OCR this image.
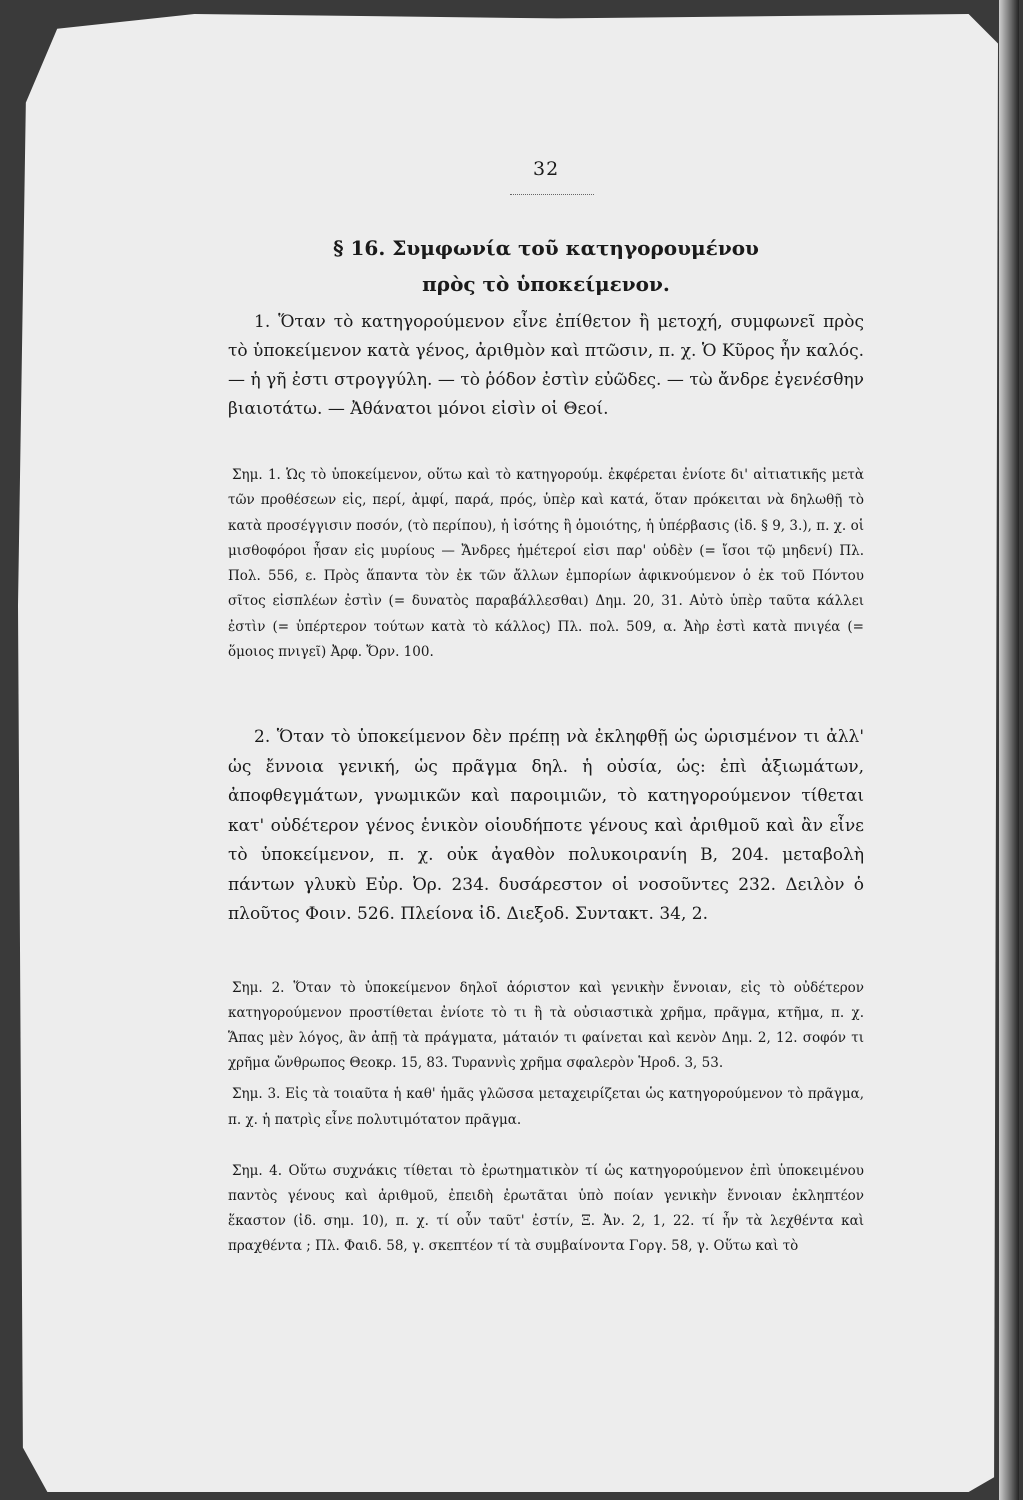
32
§ 16. Συμφωνία τοῦ κατηγορουμένου
πρὸς τὸ ὑποκείμενον.
1. Ὅταν τὸ κατηγορούμενον εἶνε ἐπίθετον ἢ μετοχή, συμφωνεῖ πρὸς τὸ ὑποκείμενον κατὰ γένος, ἀριθμὸν καὶ πτῶσιν, π. χ. Ὁ Κῦρος ἦν καλός. — ἡ γῆ ἐστι στρογγύλη. — τὸ ῥόδον ἐστὶν εὐῶδες. — τὼ ἄνδρε ἐγενέσθην βιαιοτάτω. — Ἀθάνατοι μόνοι εἰσὶν οἱ Θεοί.
Σημ. 1. Ὡς τὸ ὑποκείμενον, οὕτω καὶ τὸ κατηγορούμ. ἐκφέρεται ἐνίοτε δι' αἰτιατικῆς μετὰ τῶν προθέσεων εἰς, περί, ἀμφί, παρά, πρός, ὑπὲρ καὶ κατά, ὅταν πρόκειται νὰ δηλωθῇ τὸ κατὰ προσέγγισιν ποσόν, (τὸ περίπου), ἡ ἰσότης ἢ ὁμοιότης, ἡ ὑπέρβασις (ἰδ. § 9, 3.), π. χ. οἱ μισθοφόροι ἦσαν εἰς μυρίους — Ἄνδρες ἡμέτεροί εἰσι παρ' οὐδὲν (= ἴσοι τῷ μηδενί) Πλ. Πολ. 556, ε. Πρὸς ἅπαντα τὸν ἐκ τῶν ἄλλων ἐμπορίων ἀφικνούμενον ὁ ἐκ τοῦ Πόντου σῖτος εἰσπλέων ἐστὶν (= δυνατὸς παραβάλλεσθαι) Δημ. 20, 31. Αὐτὸ ὑπὲρ ταῦτα κάλλει ἐστὶν (= ὑπέρτερον τούτων κατὰ τὸ κάλλος) Πλ. πολ. 509, α. Ἀὴρ ἐστὶ κατὰ πνιγέα (= ὅμοιος πνιγεῖ) Ἀρφ. Ὄρν. 100.
2. Ὅταν τὸ ὑποκείμενον δὲν πρέπῃ νὰ ἐκληφθῇ ὡς ὡρισμένον τι ἀλλ' ὡς ἔννοια γενική, ὡς πρᾶγμα δηλ. ἡ οὐσία, ὡς: ἐπὶ ἀξιωμάτων, ἀποφθεγμάτων, γνωμικῶν καὶ παροιμιῶν, τὸ κατηγορούμενον τίθεται κατ' οὐδέτερον γένος ἑνικὸν οἱουδήποτε γένους καὶ ἀριθμοῦ καὶ ἂν εἶνε τὸ ὑποκείμενον, π. χ. οὐκ ἀγαθὸν πολυκοιρανίη Β, 204. μεταβολὴ πάντων γλυκὺ Εὐρ. Ὀρ. 234. δυσάρεστον οἱ νοσοῦντες 232. Δειλὸν ὁ πλοῦτος Φοιν. 526. Πλείονα ἰδ. Διεξοδ. Συντακτ. 34, 2.
Σημ. 2. Ὅταν τὸ ὑποκείμενον δηλοῖ ἀόριστον καὶ γενικὴν ἔννοιαν, εἰς τὸ οὐδέτερον κατηγορούμενον προστίθεται ἐνίοτε τὸ τι ἢ τὰ οὐσιαστικὰ χρῆμα, πρᾶγμα, κτῆμα, π. χ. Ἅπας μὲν λόγος, ἂν ἀπῇ τὰ πράγματα, μάταιόν τι φαίνεται καὶ κενὸν Δημ. 2, 12. σοφόν τι χρῆμα ὤνθρωπος Θεοκρ. 15, 83. Τυραννὶς χρῆμα σφαλερὸν Ἡροδ. 3, 53.
Σημ. 3. Εἰς τὰ τοιαῦτα ἡ καθ' ἡμᾶς γλῶσσα μεταχειρίζεται ὡς κατηγορούμενον τὸ πρᾶγμα, π. χ. ἡ πατρὶς εἶνε πολυτιμότατον πρᾶγμα.
Σημ. 4. Οὕτω συχνάκις τίθεται τὸ ἐρωτηματικὸν τί ὡς κατηγορούμενον ἐπὶ ὑποκειμένου παντὸς γένους καὶ ἀριθμοῦ, ἐπειδὴ ἐρωτᾶται ὑπὸ ποίαν γενικὴν ἔννοιαν ἐκληπτέον ἕκαστον (ἰδ. σημ. 10), π. χ. τί οὖν ταῦτ' ἐστίν, Ξ. Ἀν. 2, 1, 22. τί ἦν τὰ λεχθέντα καὶ πραχθέντα ; Πλ. Φαιδ. 58, γ. σκεπτέον τί τὰ συμβαίνοντα Γοργ. 58, γ. Οὕτω καὶ τὸ
